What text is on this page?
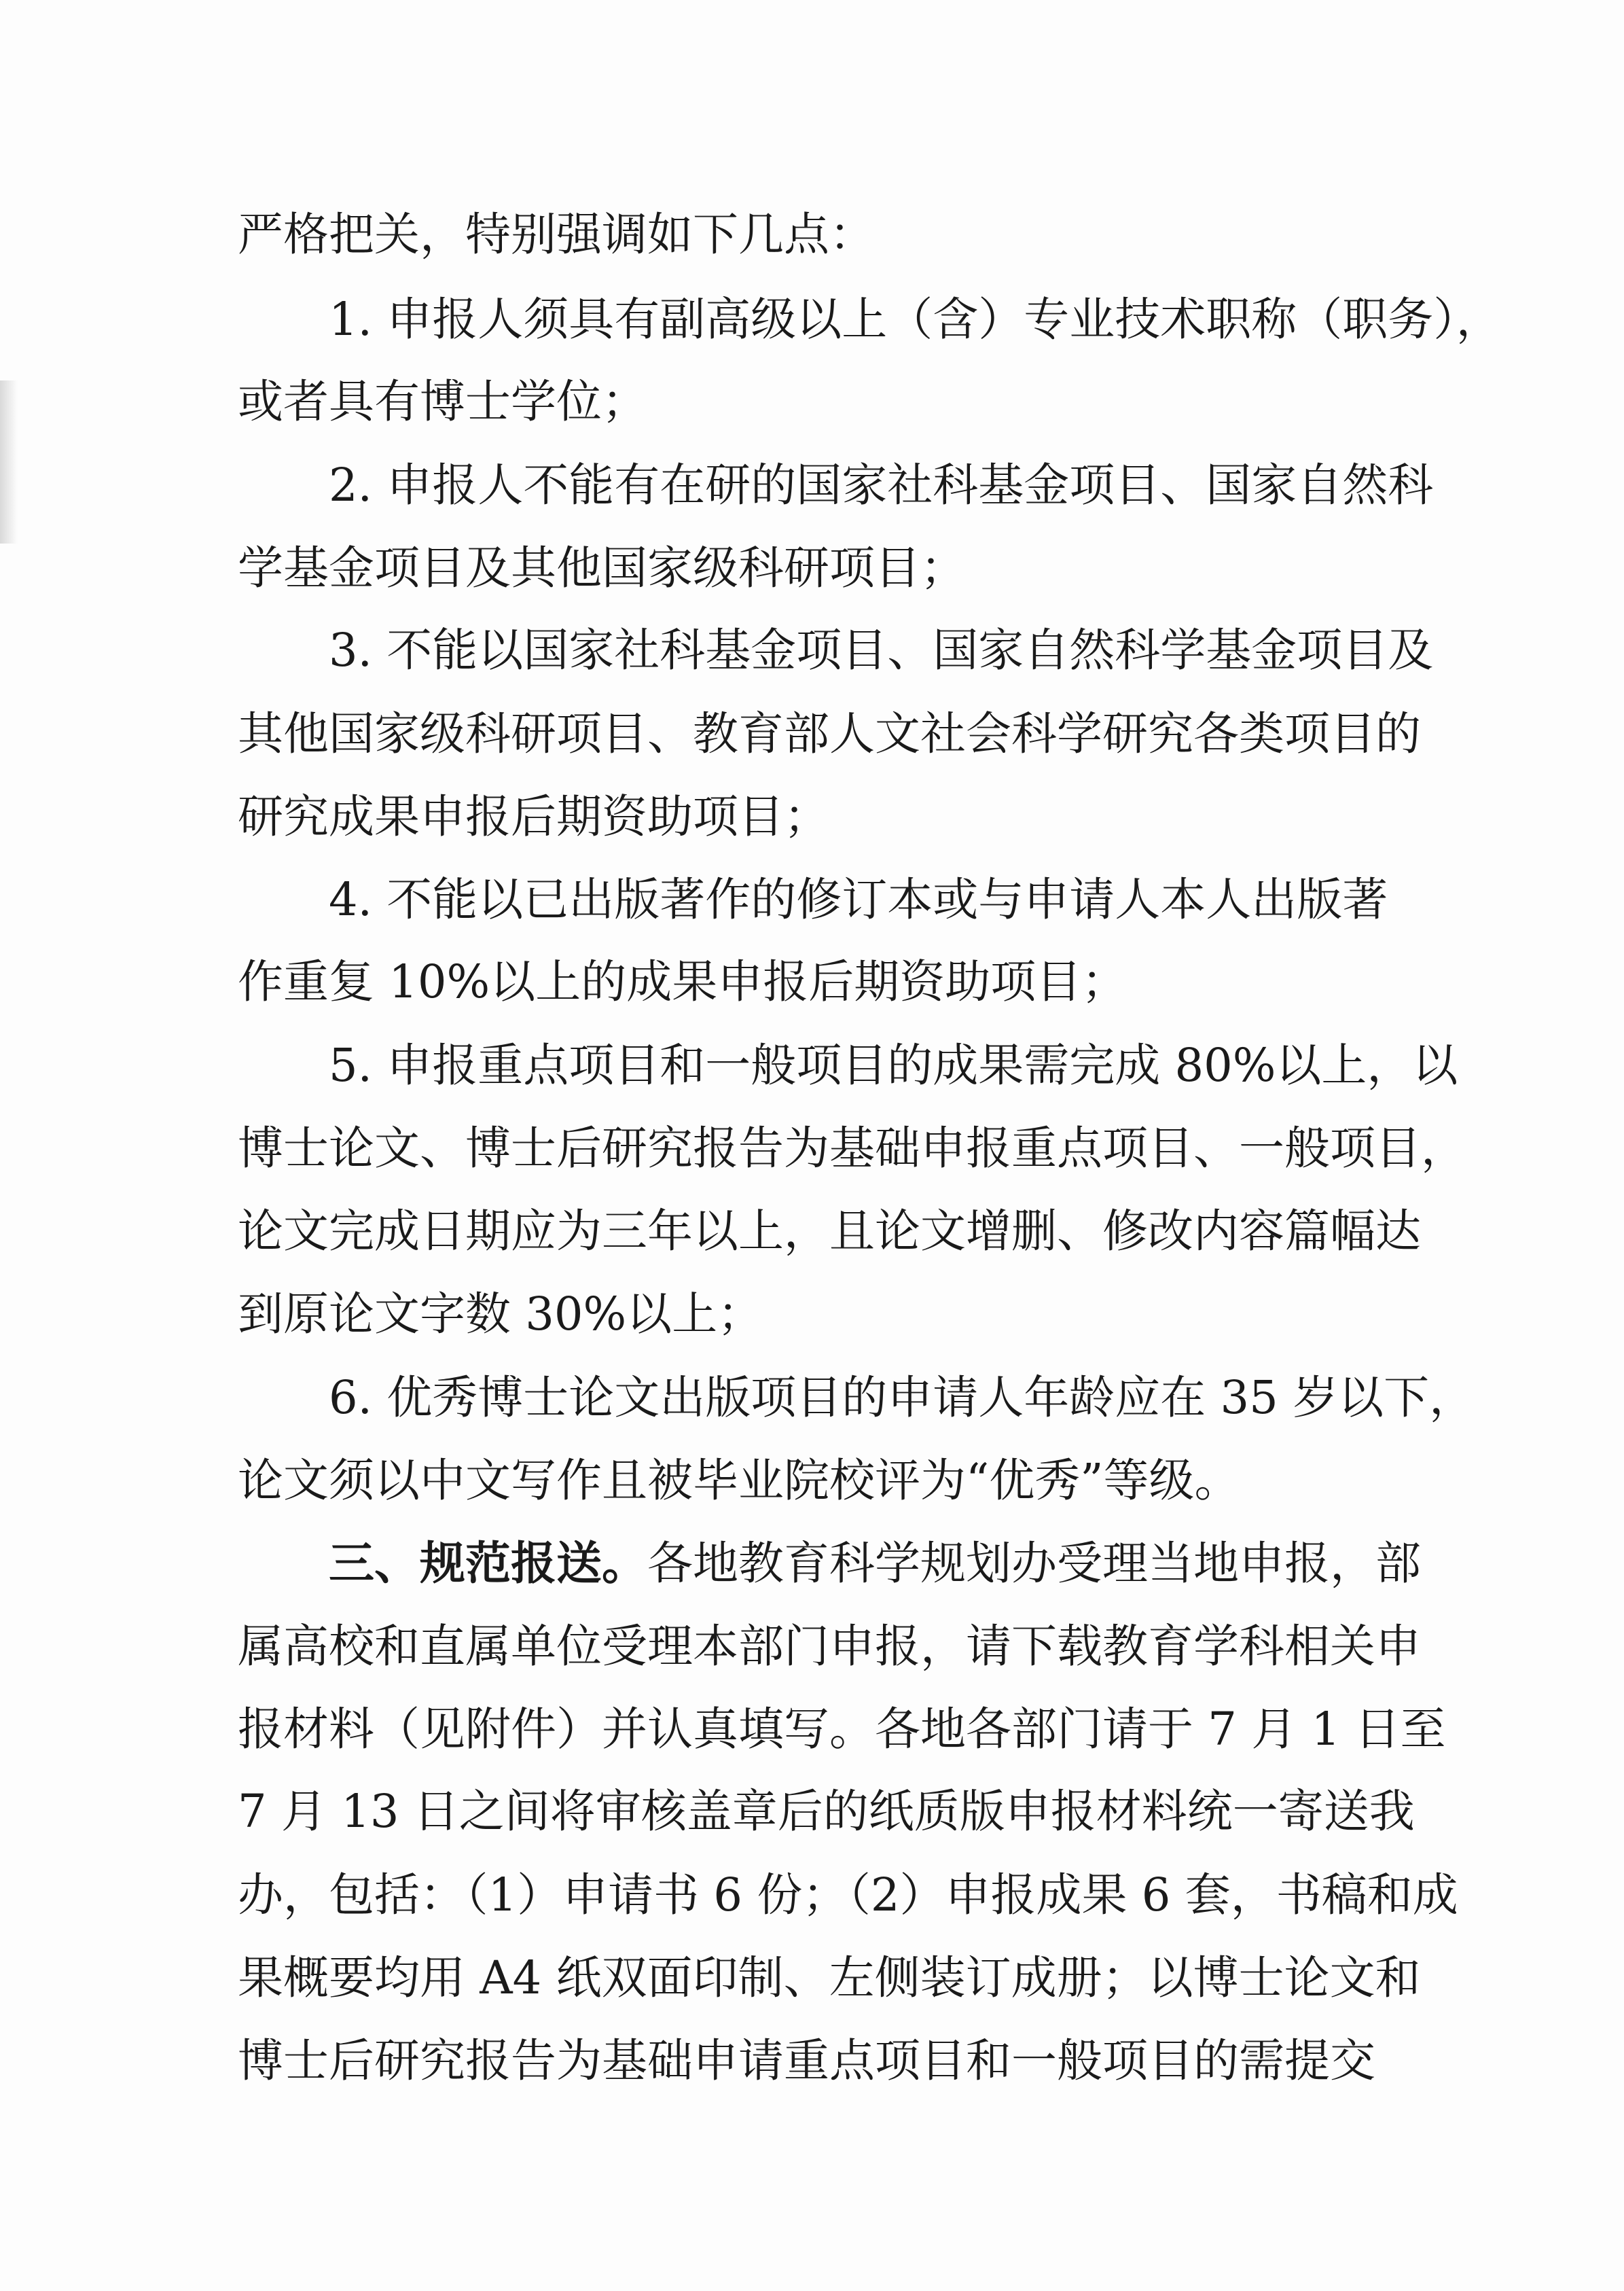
严格把关，特别强调如下几点：
1. 申报人须具有副高级以上（含）专业技术职称（职务），
或者具有博士学位；
2. 申报人不能有在研的国家社科基金项目、国家自然科
学基金项目及其他国家级科研项目；
3. 不能以国家社科基金项目、国家自然科学基金项目及
其他国家级科研项目、教育部人文社会科学研究各类项目的
研究成果申报后期资助项目；
4. 不能以已出版著作的修订本或与申请人本人出版著
作重复 10%以上的成果申报后期资助项目；
5. 申报重点项目和一般项目的成果需完成 80%以上，以
博士论文、博士后研究报告为基础申报重点项目、一般项目，
论文完成日期应为三年以上，且论文增删、修改内容篇幅达
到原论文字数 30%以上；
6. 优秀博士论文出版项目的申请人年龄应在 35 岁以下，
论文须以中文写作且被毕业院校评为“优秀”等级。
三、规范报送。各地教育科学规划办受理当地申报，部
属高校和直属单位受理本部门申报，请下载教育学科相关申
报材料（见附件）并认真填写。各地各部门请于 7 月 1 日至
7 月 13 日之间将审核盖章后的纸质版申报材料统一寄送我
办，包括：（1）申请书 6 份；（2）申报成果 6 套，书稿和成
果概要均用 A4 纸双面印制、左侧装订成册；以博士论文和
博士后研究报告为基础申请重点项目和一般项目的需提交
